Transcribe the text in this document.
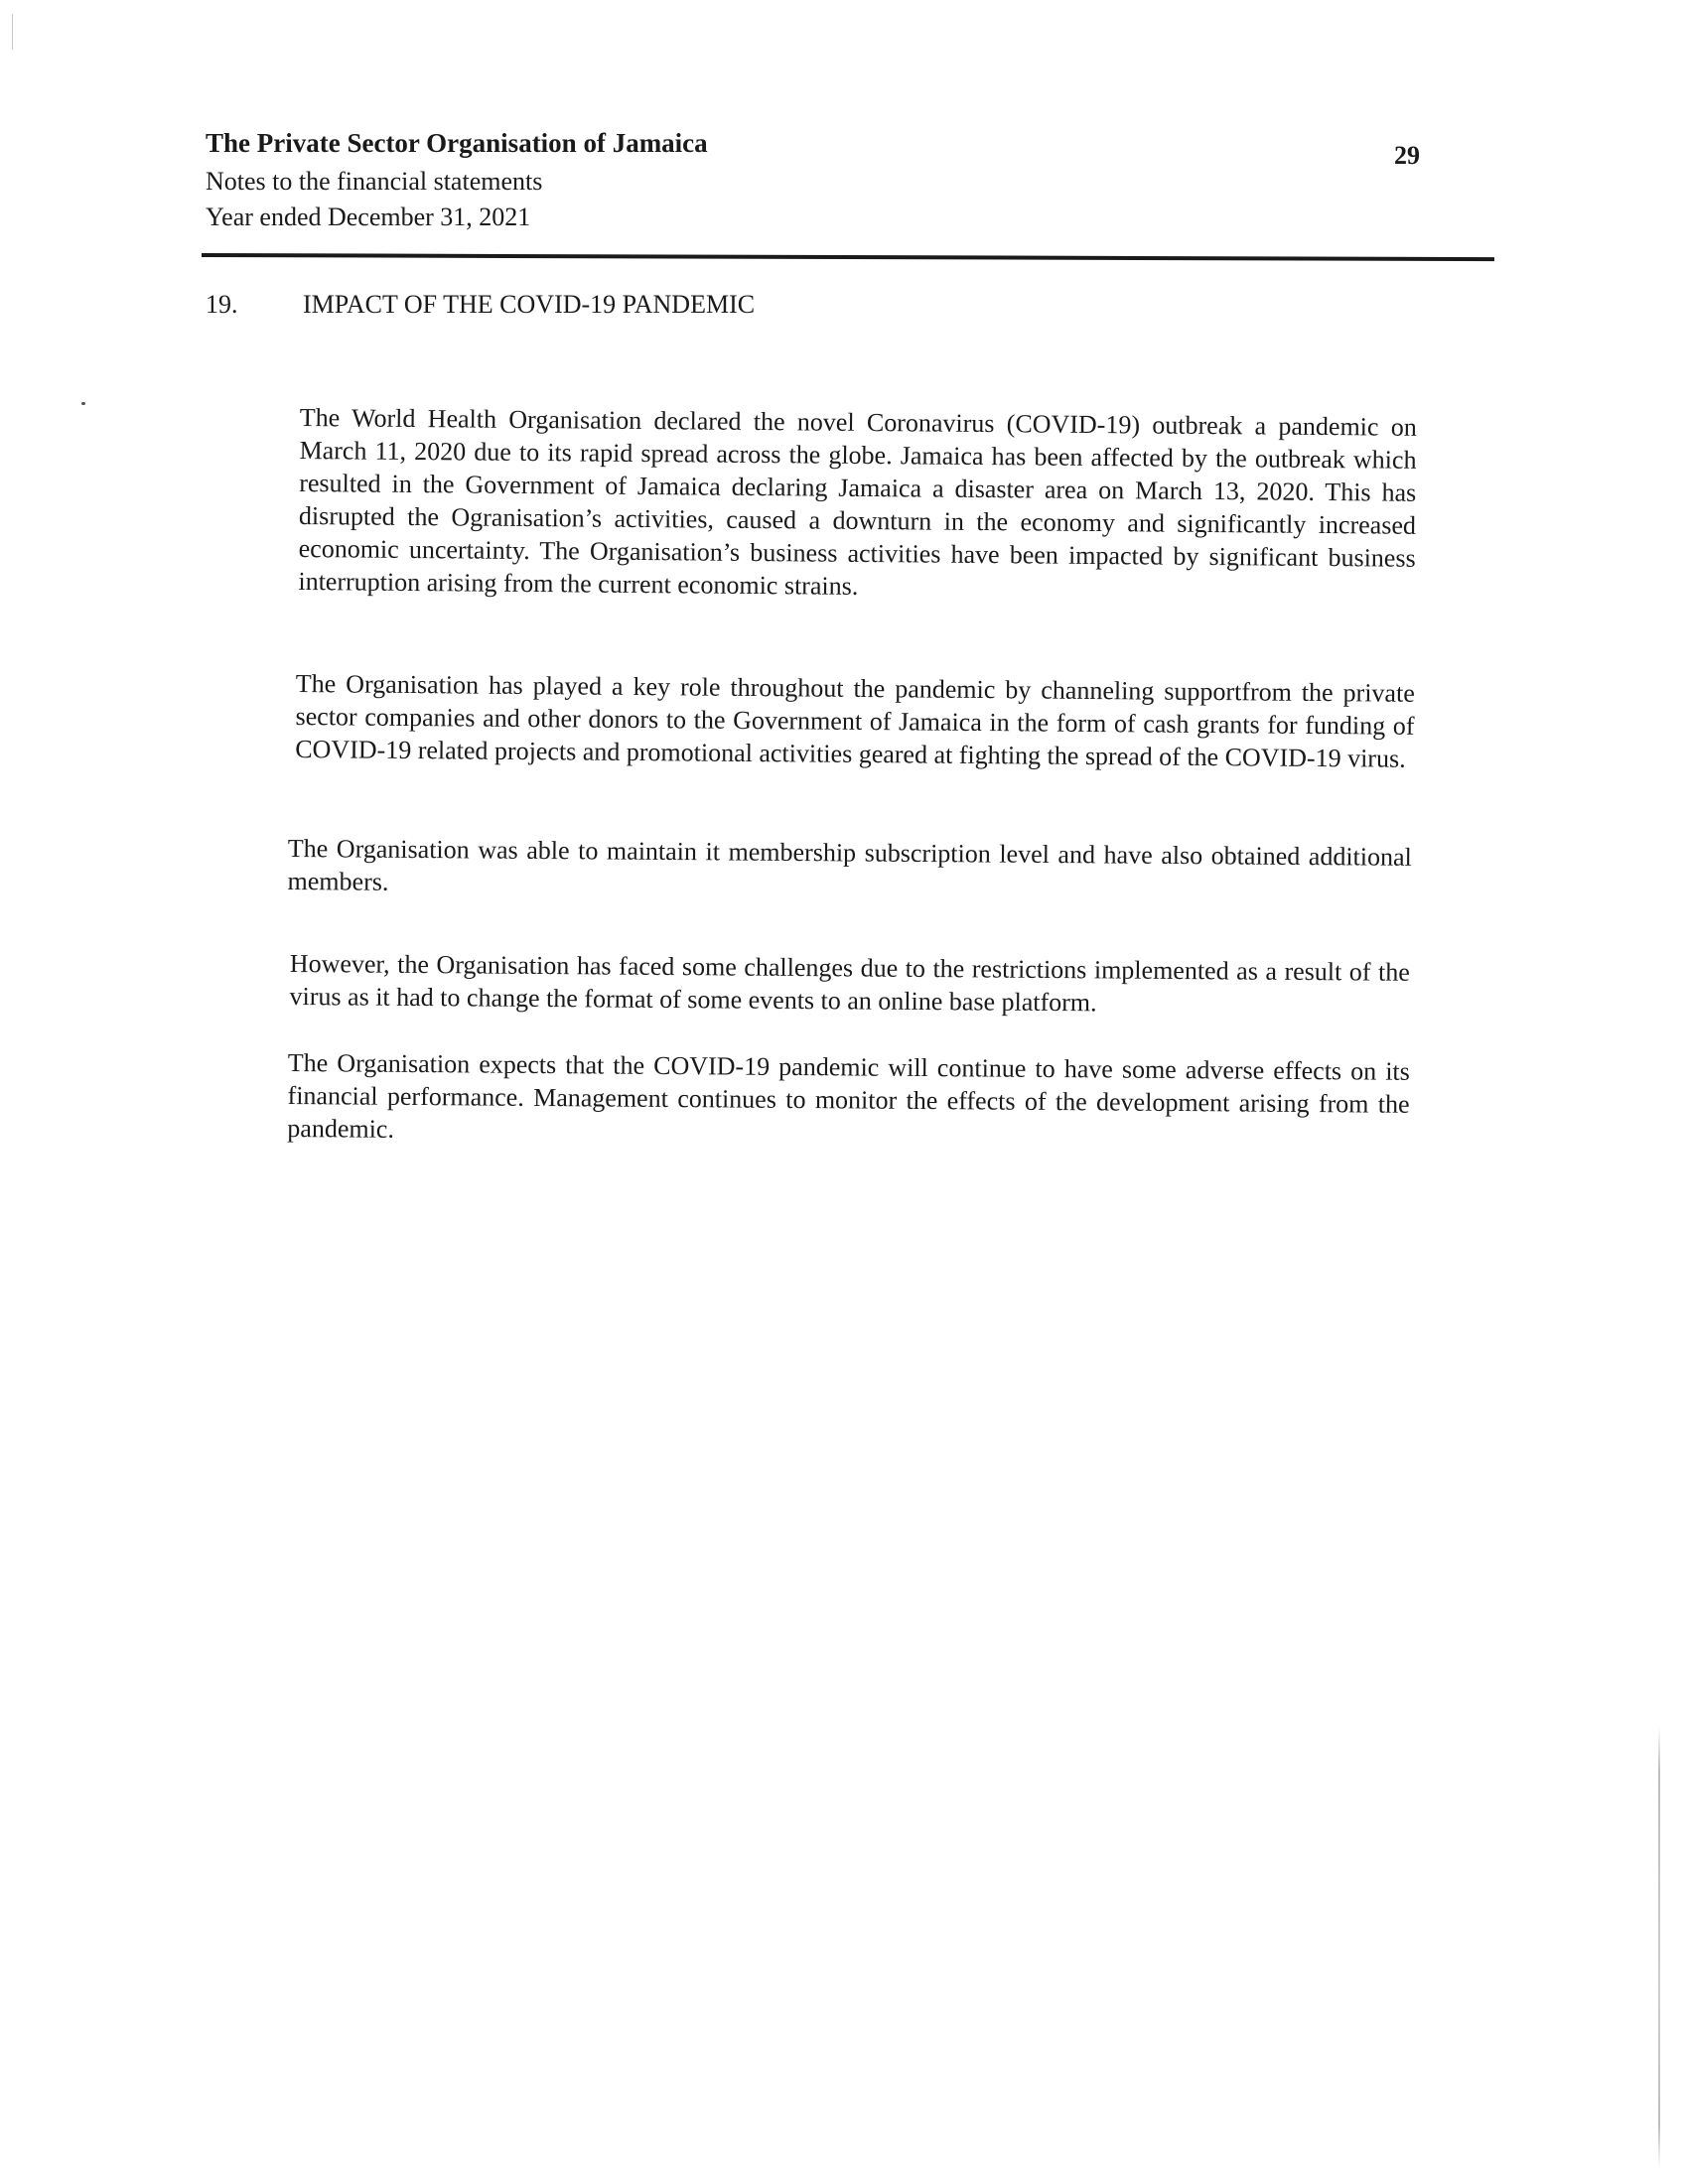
The Private Sector Organisation of Jamaica
Notes to the financial statements
Year ended December 31, 2021
29
19.	IMPACT OF THE COVID-19 PANDEMIC

The World Health Organisation declared the novel Coronavirus (COVID-19) outbreak a pandemic on March 11, 2020 due to its rapid spread across the globe. Jamaica has been affected by the outbreak which resulted in the Government of Jamaica declaring Jamaica a disaster area on March 13, 2020. This has disrupted the Ogranisation’s activities, caused a downturn in the economy and significantly increased economic uncertainty. The Organisation’s business activities have been impacted by significant business interruption arising from the current economic strains.

The Organisation has played a key role throughout the pandemic by channeling supportfrom the private sector companies and other donors to the Government of Jamaica in the form of cash grants for funding of COVID-19 related projects and promotional activities geared at fighting the spread of the COVID-19 virus.

The Organisation was able to maintain it membership subscription level and have also obtained additional members.

However, the Organisation has faced some challenges due to the restrictions implemented as a result of the virus as it had to change the format of some events to an online base platform.

The Organisation expects that the COVID-19 pandemic will continue to have some adverse effects on its financial performance. Management continues to monitor the effects of the development arising from the pandemic.
